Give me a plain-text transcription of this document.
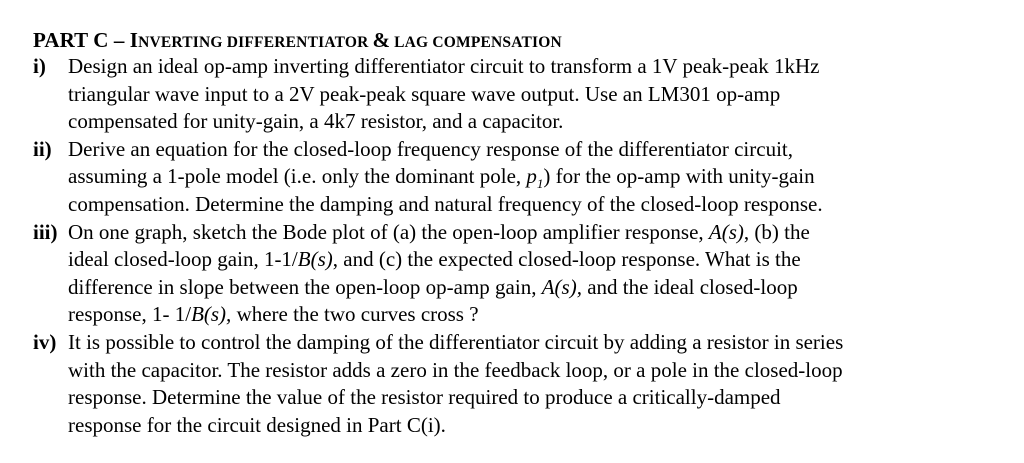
PART C – INVERTING DIFFERENTIATOR & LAG COMPENSATION
i)	Design an ideal op-amp inverting differentiator circuit to transform a 1V peak-peak 1kHz
triangular wave input to a 2V peak-peak square wave output. Use an LM301 op-amp
compensated for unity-gain, a 4k7 resistor, and a capacitor.
ii) Derive an equation for the closed-loop frequency response of the differentiator circuit,
assuming a 1-pole model (i.e. only the dominant pole, $p_1$) for the op-amp with unity-gain
compensation. Determine the damping and natural frequency of the closed-loop response.
iii) On one graph, sketch the Bode plot of (a) the open-loop amplifier response, A(s), (b) the
ideal closed-loop gain, 1-1/B(s), and (c) the expected closed-loop response. What is the
difference in slope between the open-loop op-amp gain, A(s), and the ideal closed-loop
response, 1- 1/B(s), where the two curves cross ?
iv) It is possible to control the damping of the differentiator circuit by adding a resistor in series
with the capacitor. The resistor adds a zero in the feedback loop, or a pole in the closed-loop
response. Determine the value of the resistor required to produce a critically-damped
response for the circuit designed in Part C(i).
